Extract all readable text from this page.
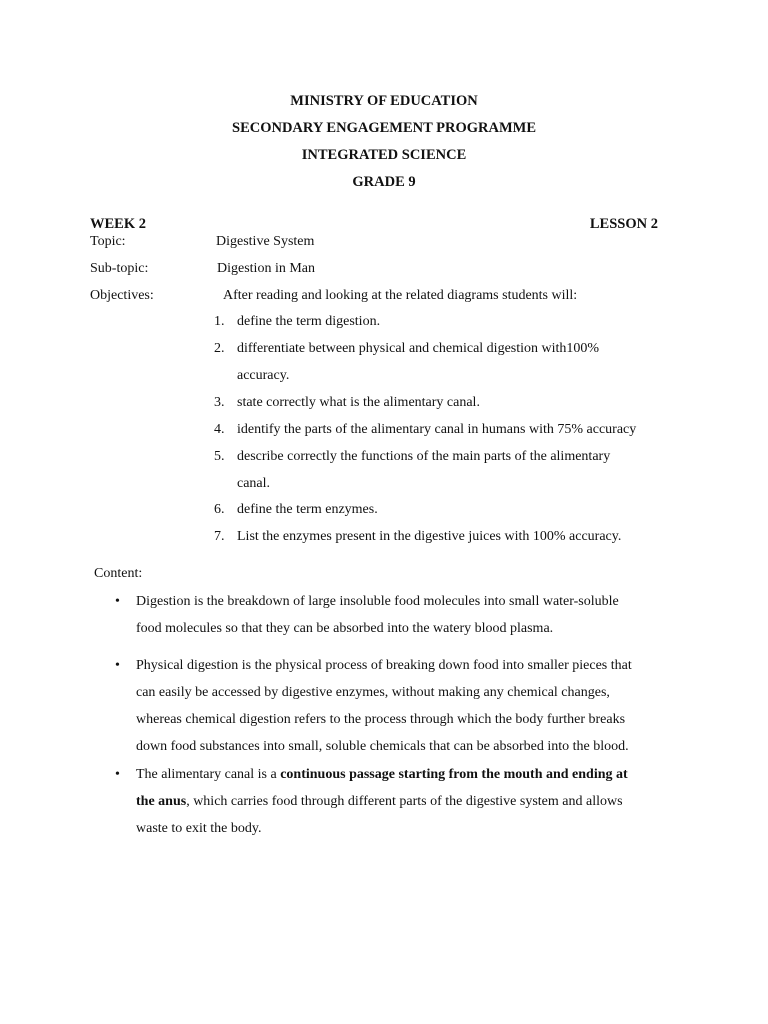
MINISTRY OF EDUCATION
SECONDARY ENGAGEMENT PROGRAMME
INTEGRATED SCIENCE
GRADE 9
WEEK 2	LESSON 2
Topic:	Digestive System
Sub-topic:	Digestion in Man
Objectives:	After reading and looking at the related diagrams students will:
1. define the term digestion.
2. differentiate between physical and chemical digestion with100%
accuracy.
3. state correctly what is the alimentary canal.
4. identify the parts of the alimentary canal in humans with 75% accuracy
5. describe correctly the functions of the main parts of the alimentary
canal.
6. define the term enzymes.
7. List the enzymes present in the digestive juices with 100% accuracy.
Content:
• Digestion is the breakdown of large insoluble food molecules into small water-soluble
food molecules so that they can be absorbed into the watery blood plasma.
• Physical digestion is the physical process of breaking down food into smaller pieces that
can easily be accessed by digestive enzymes, without making any chemical changes,
whereas chemical digestion refers to the process through which the body further breaks
down food substances into small, soluble chemicals that can be absorbed into the blood.
• The alimentary canal is a continuous passage starting from the mouth and ending at
the anus, which carries food through different parts of the digestive system and allows
waste to exit the body.
